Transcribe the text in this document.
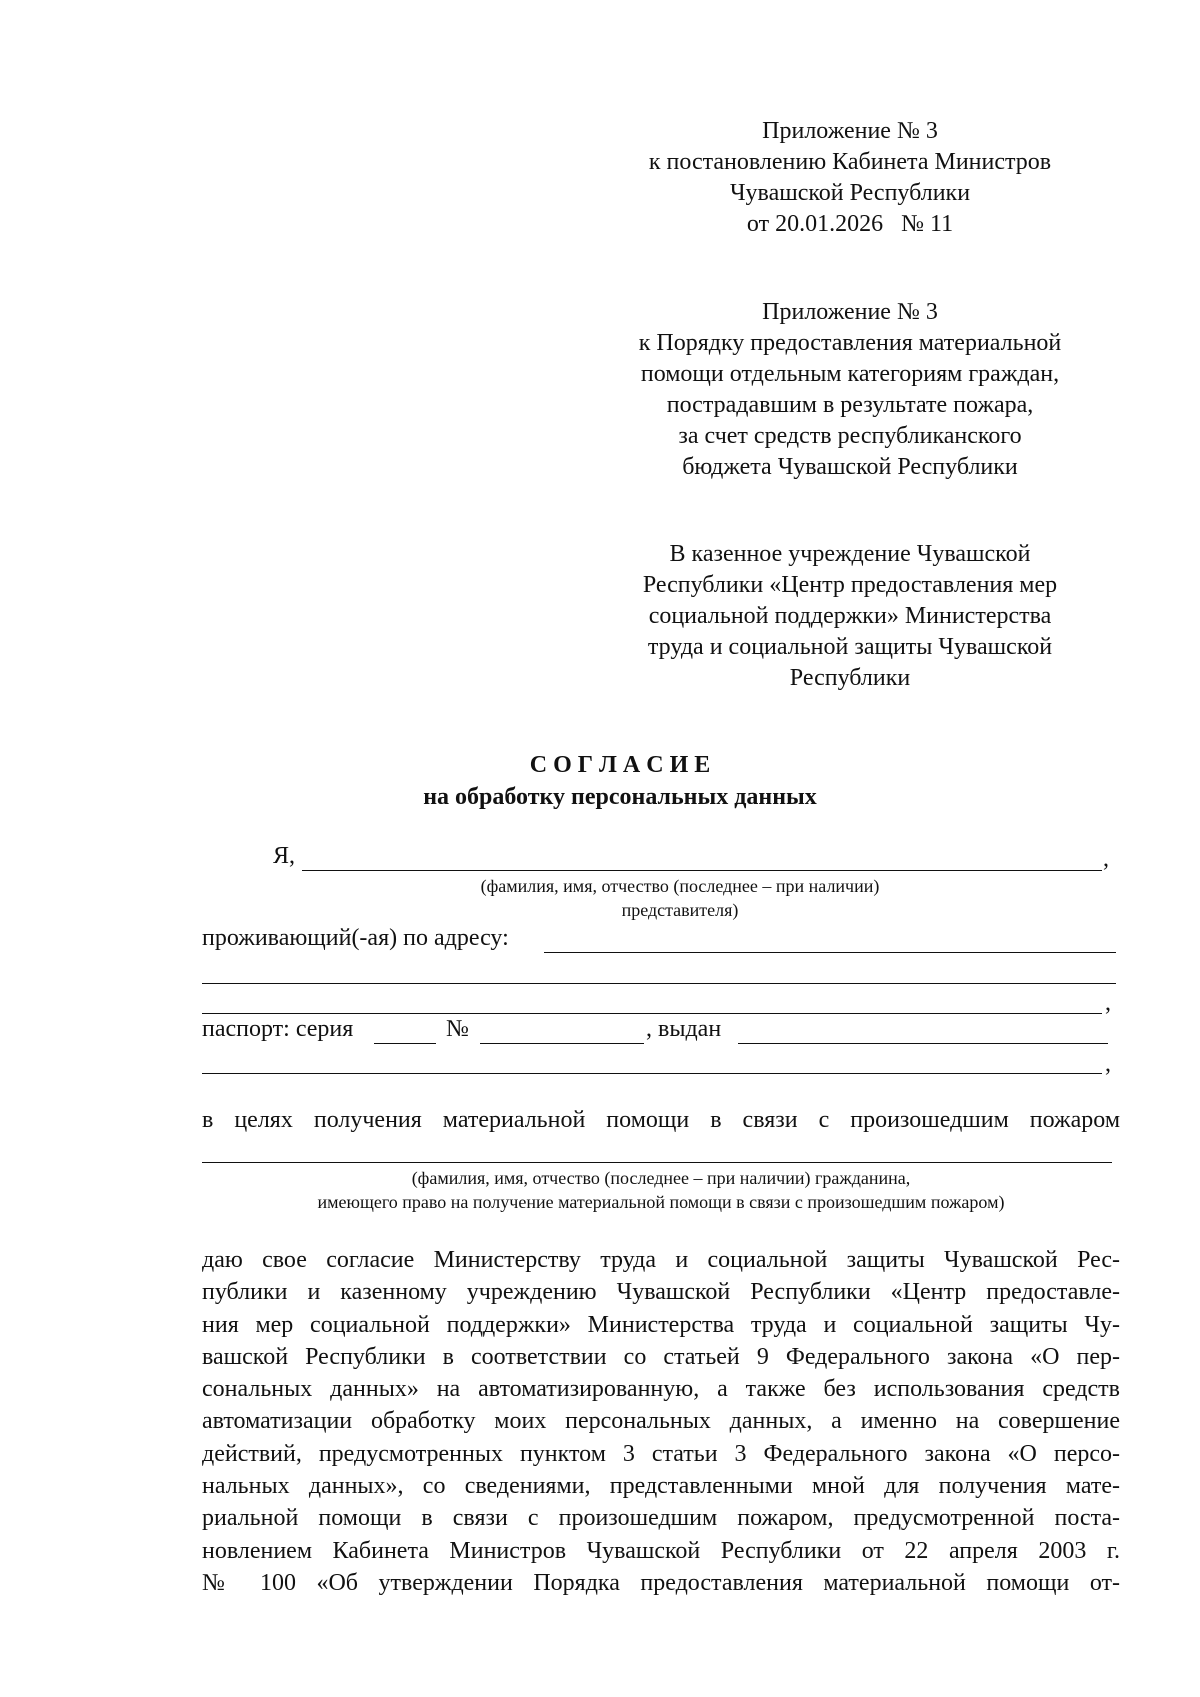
Приложение № 3
к постановлению Кабинета Министров
Чувашской Республики
от 20.01.2026   № 11
Приложение № 3
к Порядку предоставления материальной
помощи отдельным категориям граждан,
пострадавшим в результате пожара,
за счет средств республиканского
бюджета Чувашской Республики
В казенное учреждение Чувашской
Республики «Центр предоставления мер
социальной поддержки» Министерства
труда и социальной защиты Чувашской
Республики
С О Г Л А С И Е
на обработку персональных данных
Я,	,
(фамилия, имя, отчество (последнее – при наличии)
представителя)
проживающий(-ая) по адресу:
,
паспорт: серия	№	, выдан
,
в целях получения материальной помощи в связи с произошедшим пожаром
(фамилия, имя, отчество (последнее – при наличии) гражданина,
имеющего право на получение материальной помощи в связи с произошедшим пожаром)
даю свое согласие Министерству труда и социальной защиты Чувашской Рес-
публики и казенному учреждению Чувашской Республики «Центр предоставле-
ния мер социальной поддержки» Министерства труда и социальной защиты Чу-
вашской Республики в соответствии со статьей 9 Федерального закона «О пер-
сональных данных» на автоматизированную, а также без использования средств
автоматизации обработку моих персональных данных, а именно на совершение
действий, предусмотренных пунктом 3 статьи 3 Федерального закона «О персо-
нальных данных», со сведениями, представленными мной для получения мате-
риальной помощи в связи с произошедшим пожаром, предусмотренной поста-
новлением Кабинета Министров Чувашской Республики от 22 апреля 2003 г.
№ 100 «Об утверждении Порядка предоставления материальной помощи от-
